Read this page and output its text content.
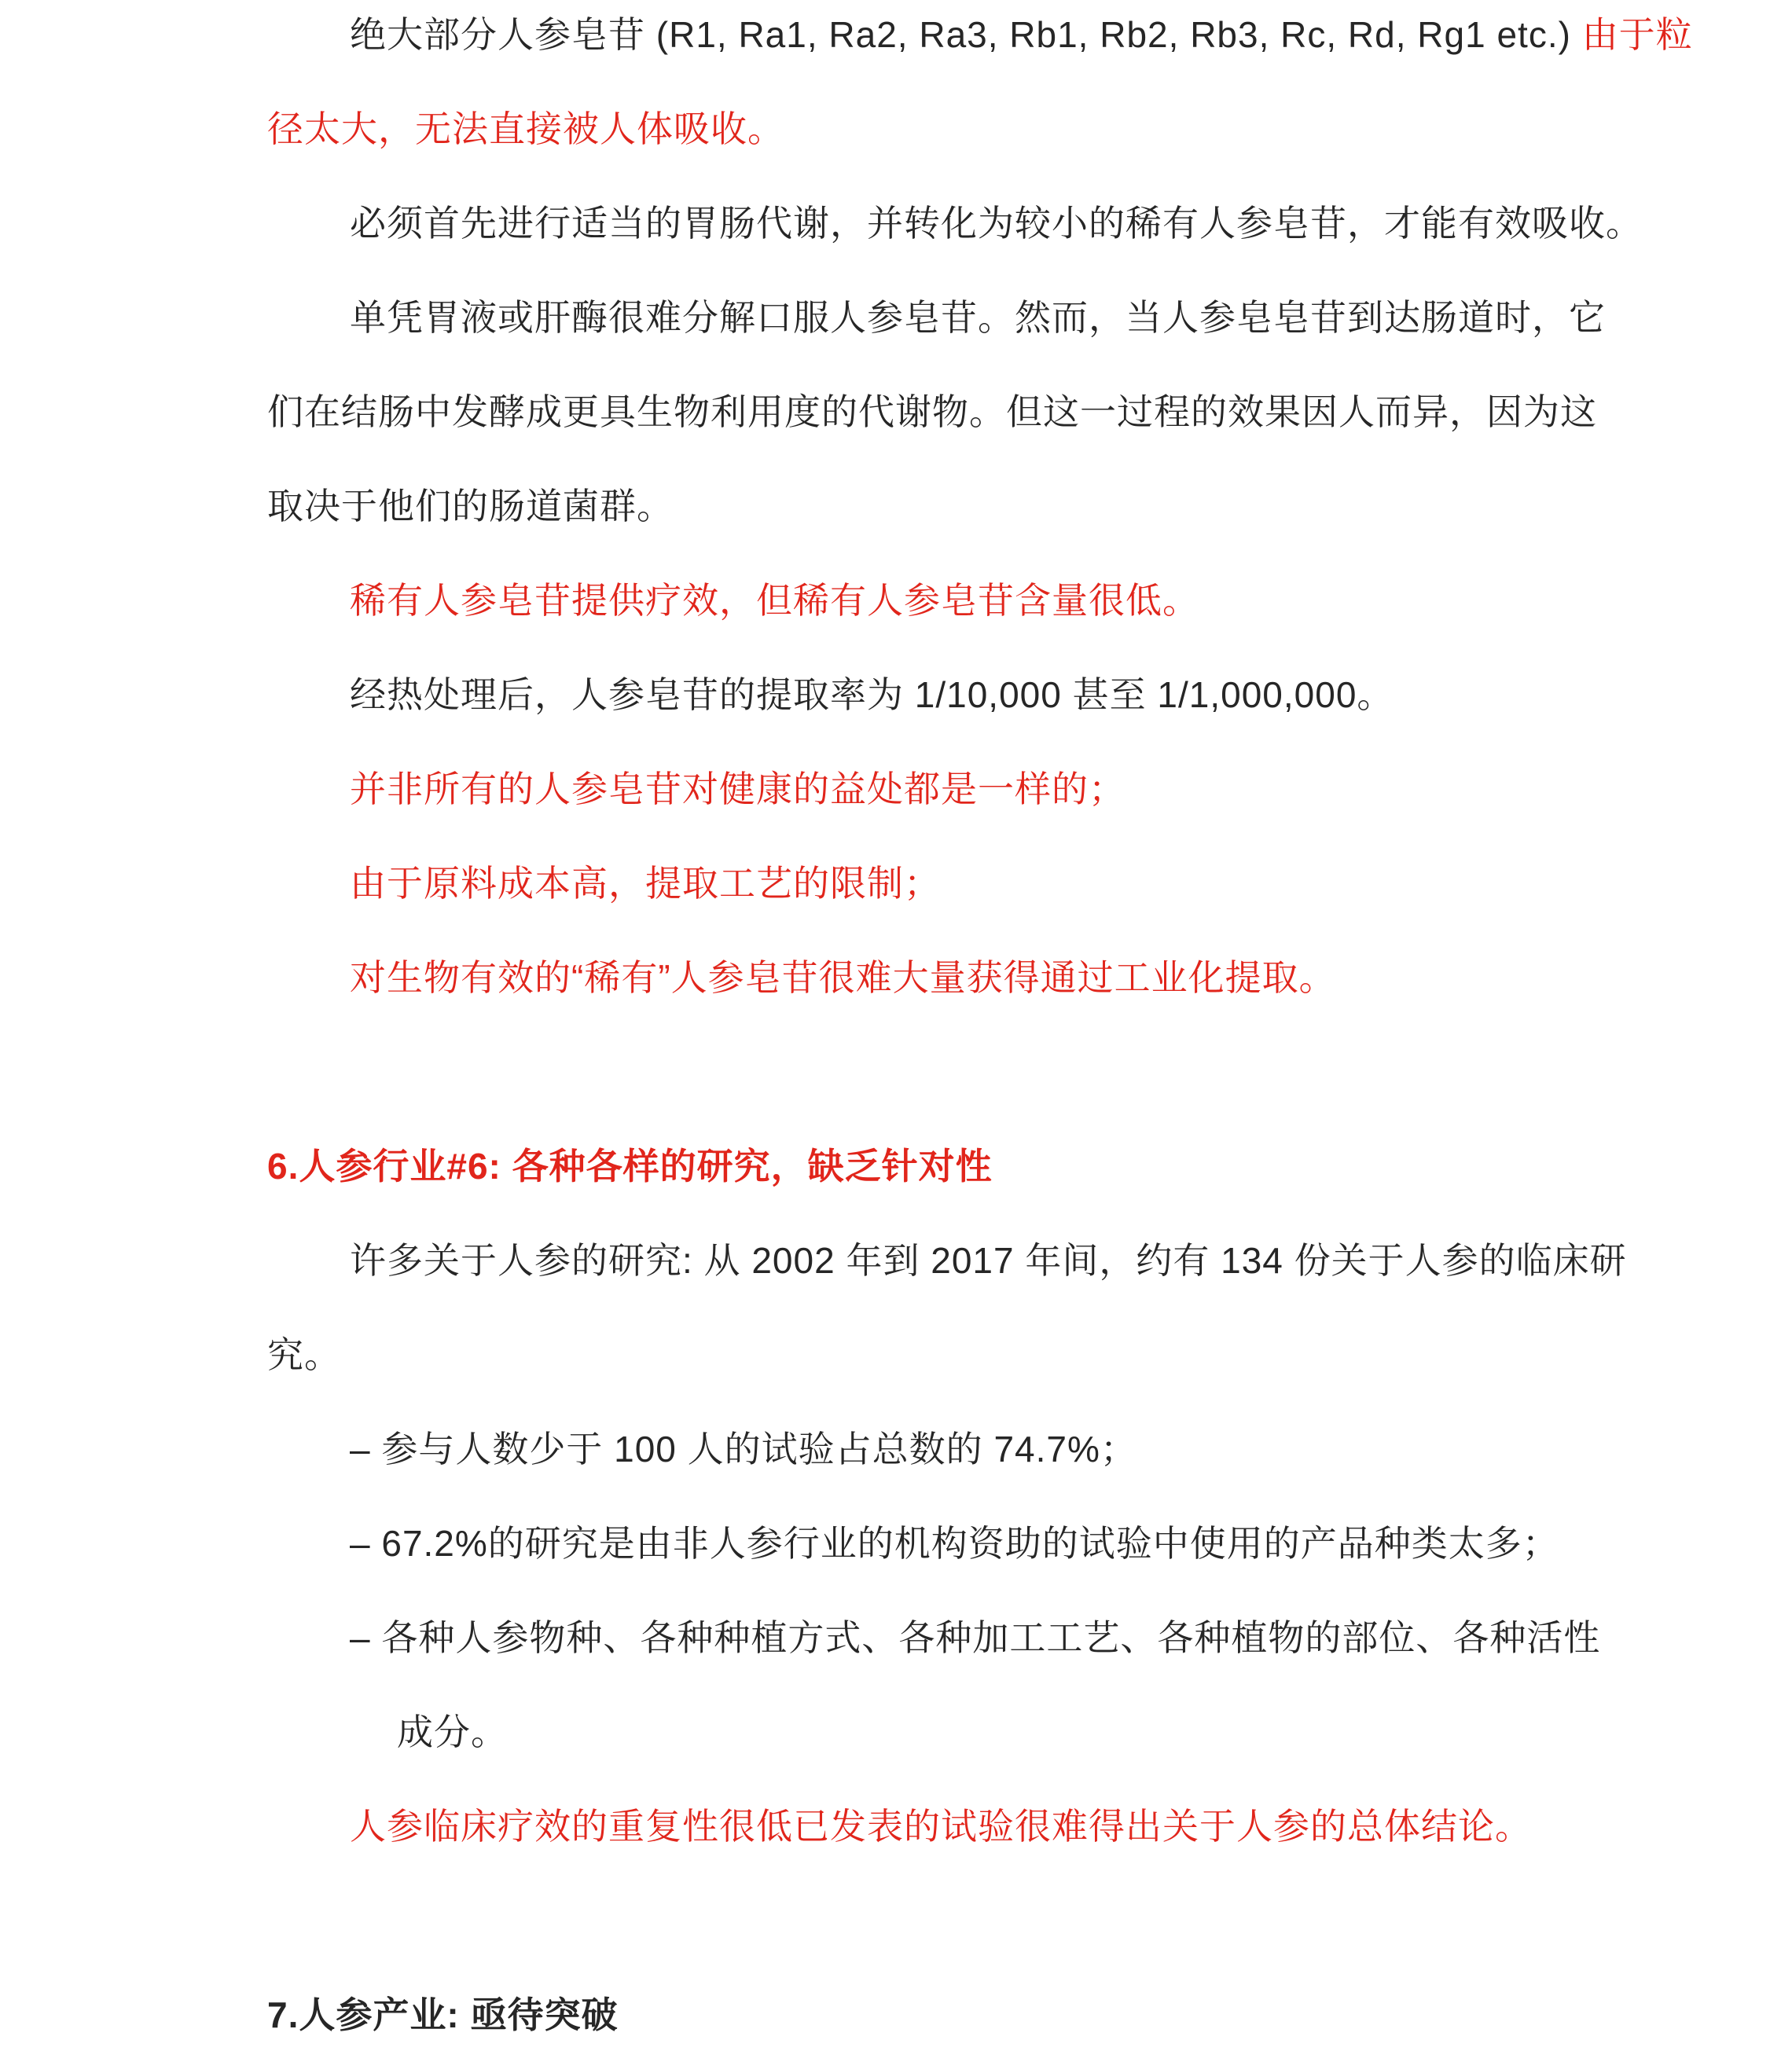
绝大部分人参皂苷 (R1, Ra1, Ra2, Ra3, Rb1, Rb2, Rb3, Rc, Rd, Rg1 etc.) 由于粒
径太大，无法直接被人体吸收。
必须首先进行适当的胃肠代谢，并转化为较小的稀有人参皂苷，才能有效吸收。
单凭胃液或肝酶很难分解口服人参皂苷。然而，当人参皂皂苷到达肠道时，它
们在结肠中发酵成更具生物利用度的代谢物。但这一过程的效果因人而异，因为这
取决于他们的肠道菌群。
稀有人参皂苷提供疗效，但稀有人参皂苷含量很低。
经热处理后，人参皂苷的提取率为 1/10,000 甚至 1/1,000,000。
并非所有的人参皂苷对健康的益处都是一样的；
由于原料成本高，提取工艺的限制；
对生物有效的“稀有”人参皂苷很难大量获得通过工业化提取。
6.人参行业#6: 各种各样的研究，缺乏针对性
许多关于人参的研究: 从 2002 年到 2017 年间，约有 134 份关于人参的临床研
究。
– 参与人数少于 100 人的试验占总数的 74.7%；
– 67.2%的研究是由非人参行业的机构资助的试验中使用的产品种类太多；
– 各种人参物种、各种种植方式、各种加工工艺、各种植物的部位、各种活性
成分。
人参临床疗效的重复性很低已发表的试验很难得出关于人参的总体结论。
7.人参产业: 亟待突破
